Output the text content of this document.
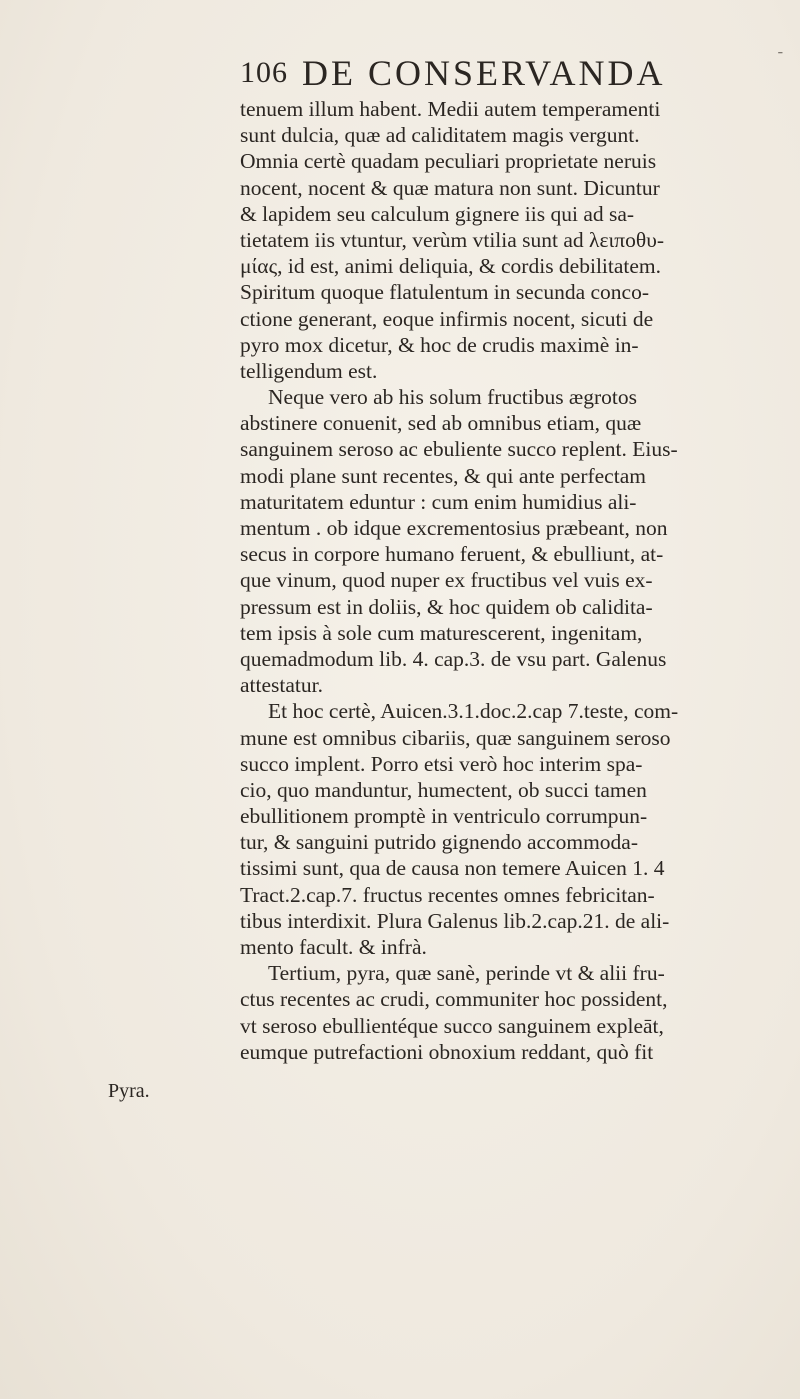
106 DE CONSERVANDA	ˉ
Pyra.
tenuem illum habent. Medii autem temperamenti
sunt dulcia, quæ ad caliditatem magis vergunt.
Omnia certè quadam peculiari proprietate neruis
nocent, nocent & quæ matura non sunt. Dicuntur
& lapidem seu calculum gignere iis qui ad sa-
tietatem iis vtuntur, verùm vtilia sunt ad λειποθυ-
μίας, id est, animi deliquia, & cordis debilitatem.
Spiritum quoque flatulentum in secunda conco-
ctione generant, eoque infirmis nocent, sicuti de
pyro mox dicetur, & hoc de crudis maximè in-
telligendum est.
Neque vero ab his solum fructibus ægrotos
abstinere conuenit, sed ab omnibus etiam, quæ
sanguinem seroso ac ebuliente succo replent. Eius-
modi plane sunt recentes, & qui ante perfectam
maturitatem eduntur : cum enim humidius ali-
mentum . ob idque excrementosius præbeant, non
secus in corpore humano feruent, & ebulliunt, at-
que vinum, quod nuper ex fructibus vel vuis ex-
pressum est in doliis, & hoc quidem ob calidita-
tem ipsis à sole cum maturescerent, ingenitam,
quemadmodum lib. 4. cap.3. de vsu part. Galenus
attestatur.
Et hoc certè, Auicen.3.1.doc.2.cap 7.teste, com-
mune est omnibus cibariis, quæ sanguinem seroso
succo implent. Porro etsi verò hoc interim spa-
cio, quo manduntur, humectent, ob succi tamen
ebullitionem promptè in ventriculo corrumpun-
tur, & sanguini putrido gignendo accommoda-
tissimi sunt, qua de causa non temere Auicen 1. 4
Tract.2.cap.7. fructus recentes omnes febricitan-
tibus interdixit. Plura Galenus lib.2.cap.21. de ali-
mento facult. & infrà.
Tertium, pyra, quæ sanè, perinde vt & alii fru-
ctus recentes ac crudi, communiter hoc possident,
vt seroso ebullientéque succo sanguinem expleāt,
eumque putrefactioni obnoxium reddant, quò fit
